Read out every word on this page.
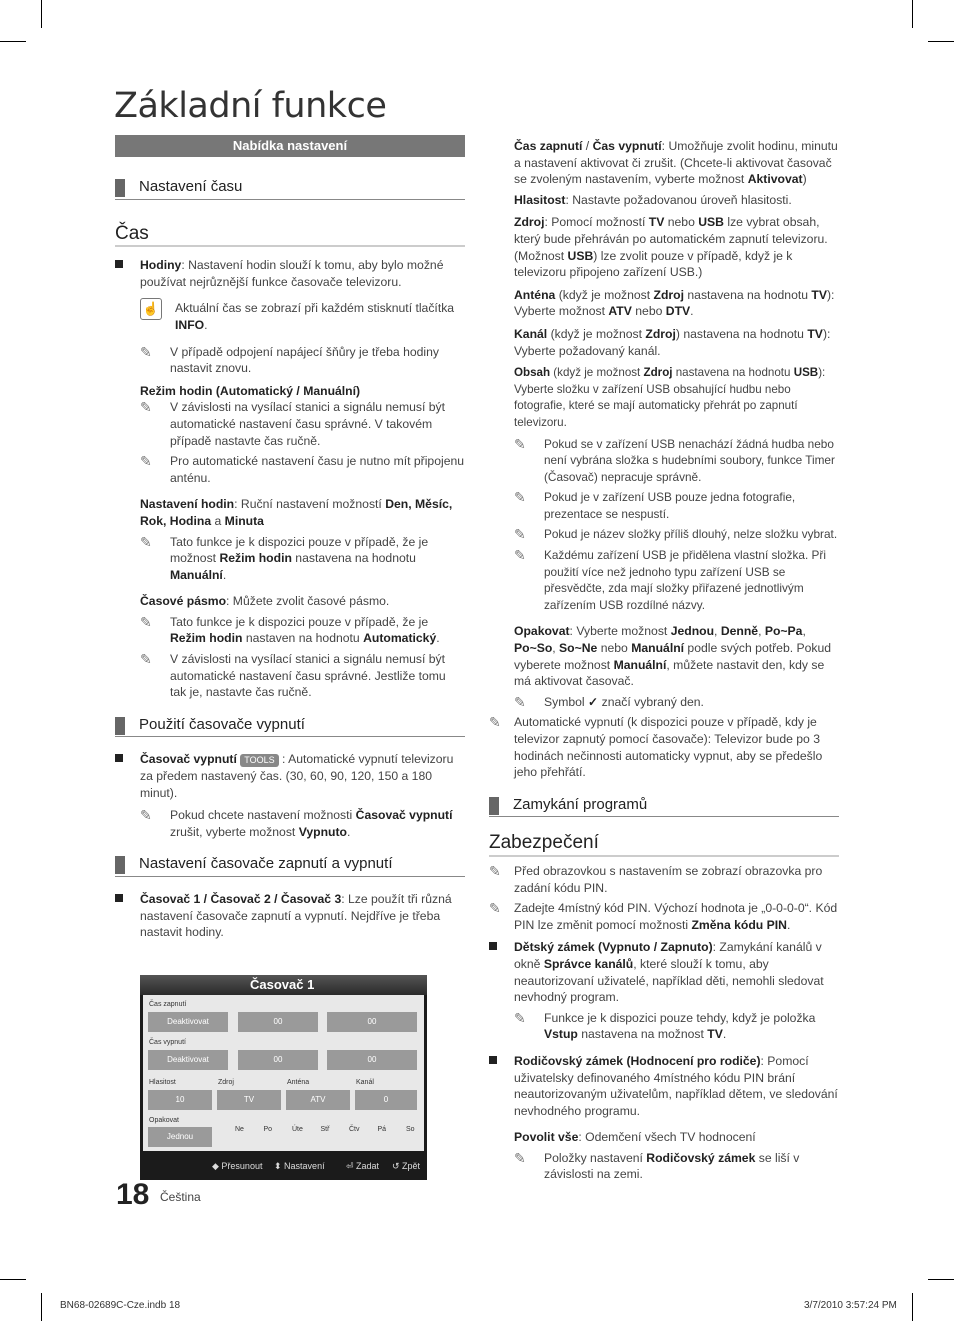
Základní funkce
Nabídka nastavení
Nastavení času
Čas

Hodiny: Nastavení hodin slouží k tomu, aby bylo možné používat nejrůznější funkce časovače televizoru.

☝ Aktuální čas se zobrazí při každém stisknutí tlačítka INFO.

✎ V případě odpojení napájecí šňůry je třeba hodiny nastavit znovu.

Režim hodin (Automatický / Manuální)

✎ V závislosti na vysílací stanici a signálu nemusí být automatické nastavení času správné. V takovém případě nastavte čas ručně.

✎ Pro automatické nastavení času je nutno mít připojenu anténu.

Nastavení hodin: Ruční nastavení možností Den, Měsíc, Rok, Hodina a Minuta

✎ Tato funkce je k dispozici pouze v případě, že je možnost Režim hodin nastavena na hodnotu Manuální.

Časové pásmo: Můžete zvolit časové pásmo.

✎ Tato funkce je k dispozici pouze v případě, že je Režim hodin nastaven na hodnotu Automatický.

✎ V závislosti na vysílací stanici a signálu nemusí být automatické nastavení času správné. Jestliže tomu tak je, nastavte čas ručně.

Použití časovače vypnutí

Časovač vypnutí TOOLS : Automatické vypnutí televizoru za předem nastavený čas. (30, 60, 90, 120, 150 a 180 minut).

✎ Pokud chcete nastavení možnosti Časovač vypnutí zrušit, vyberte možnost Vypnuto.

Nastavení časovače zapnutí a vypnutí

Časovač 1 / Časovač 2 / Časovač 3: Lze použít tři různá nastavení časovače zapnutí a vypnutí. Nejdříve je třeba nastavit hodiny.

Časovač 1
Čas zapnutí
Deaktivovat	00	00
Čas vypnutí
Deaktivovat	00	00
Hlasitost	Zdroj	Anténa	Kanál
10	TV	ATV	0
Opakovat
Jednou
Ne	Po	Úte	Stř	Čtv	Pá	So
◆ Přesunout ⬍ Nastavení ⏎ Zadat ↺ Zpět

Čas zapnutí / Čas vypnutí: Umožňuje zvolit hodinu, minutu a nastavení aktivovat či zrušit. (Chcete-li aktivovat časovač se zvoleným nastavením, vyberte možnost Aktivovat)

Hlasitost: Nastavte požadovanou úroveň hlasitosti.

Zdroj: Pomocí možností TV nebo USB lze vybrat obsah, který bude přehráván po automatickém zapnutí televizoru. (Možnost USB) lze zvolit pouze v případě, když je k televizoru připojeno zařízení USB.)

Anténa (když je možnost Zdroj nastavena na hodnotu TV): Vyberte možnost ATV nebo DTV.

Kanál (když je možnost Zdroj) nastavena na hodnotu TV): Vyberte požadovaný kanál.

Obsah (když je možnost Zdroj nastavena na hodnotu USB): Vyberte složku v zařízení USB obsahující hudbu nebo fotografie, které se mají automaticky přehrát po zapnutí televizoru.

✎ Pokud se v zařízení USB nenachází žádná hudba nebo není vybrána složka s hudebními soubory, funkce Timer (Časovač) nepracuje správně.

✎ Pokud je v zařízení USB pouze jedna fotografie, prezentace se nespustí.

✎ Pokud je název složky příliš dlouhý, nelze složku vybrat.

✎ Každému zařízení USB je přidělena vlastní složka. Při použití více než jednoho typu zařízení USB se přesvědčte, zda mají složky přiřazené jednotlivým zařízením USB rozdílné názvy.

Opakovat: Vyberte možnost Jednou, Denně, Po~Pa, Po~So, So~Ne nebo Manuální podle svých potřeb. Pokud vyberete možnost Manuální, můžete nastavit den, kdy se má aktivovat časovač.

✎ Symbol ✓ značí vybraný den.

✎ Automatické vypnutí (k dispozici pouze v případě, kdy je televizor zapnutý pomocí časovače): Televizor bude po 3 hodinách nečinnosti automaticky vypnut, aby se předešlo jeho přehřátí.

Zamykání programů
Zabezpečení
✎ Před obrazovkou s nastavením se zobrazí obrazovka pro zadání kódu PIN.

✎ Zadejte 4místný kód PIN. Výchozí hodnota je „0-0-0-0“. Kód PIN lze změnit pomocí možnosti Změna kódu PIN.

Dětský zámek (Vypnuto / Zapnuto): Zamykání kanálů v okně Správce kanálů, které slouží k tomu, aby neautorizovaní uživatelé, například děti, nemohli sledovat nevhodný program.

✎ Funkce je k dispozici pouze tehdy, když je položka Vstup nastavena na možnost TV.

Rodičovský zámek (Hodnocení pro rodiče): Pomocí uživatelsky definovaného 4místného kódu PIN brání neautorizovaným uživatelům, například dětem, ve sledování nevhodného programu.

Povolit vše: Odemčení všech TV hodnocení

✎ Položky nastavení Rodičovský zámek se liší v závislosti na zemi.

18 Čeština
BN68-02689C-Cze.indb 18	3/7/2010 3:57:24 PM
